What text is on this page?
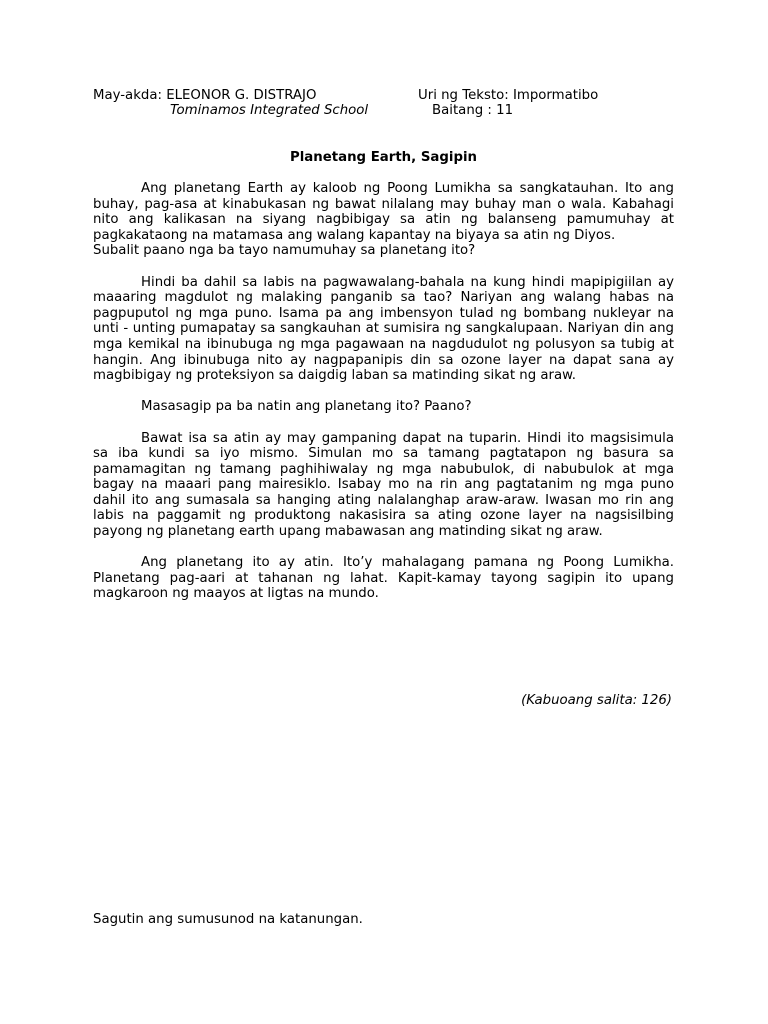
May-akda: ELEONOR G. DISTRAJO	Uri ng Teksto: Impormatibo
Tominamos Integrated School	Baitang : 11
Planetang Earth, Sagipin

Ang planetang Earth ay kaloob ng Poong Lumikha sa sangkatauhan. Ito ang buhay, pag-asa at kinabukasan ng bawat nilalang may buhay man o wala. Kabahagi nito ang kalikasan na siyang nagbibigay sa atin ng balanseng pamumuhay at pagkakataong na matamasa ang walang kapantay na biyaya sa atin ng Diyos.

Subalit paano nga ba tayo namumuhay sa planetang ito?

Hindi ba dahil sa labis na pagwawalang-bahala na kung hindi mapipigiilan ay maaaring magdulot ng malaking panganib sa tao? Nariyan ang walang habas na pagpuputol ng mga puno. Isama pa ang imbensyon tulad ng bombang nukleyar na unti - unting pumapatay sa sangkauhan at sumisira ng sangkalupaan. Nariyan din ang mga kemikal na ibinubuga ng mga pagawaan na nagdudulot ng polusyon sa tubig at hangin. Ang ibinubuga nito ay nagpapanipis din sa ozone layer na dapat sana ay magbibigay ng proteksiyon sa daigdig laban sa matinding sikat ng araw.

Masasagip pa ba natin ang planetang ito? Paano?

Bawat isa sa atin ay may gampaning dapat na tuparin. Hindi ito magsisimula sa iba kundi sa iyo mismo. Simulan mo sa tamang pagtatapon ng basura sa pamamagitan ng tamang paghihiwalay ng mga nabubulok, di nabubulok at mga bagay na maaari pang mairesiklo. Isabay mo na rin ang pagtatanim ng mga puno dahil ito ang sumasala sa hanging ating nalalanghap araw-araw. Iwasan mo rin ang labis na paggamit ng produktong nakasisira sa ating ozone layer na nagsisilbing payong ng planetang earth upang mabawasan ang matinding sikat ng araw.

Ang planetang ito ay atin. Ito’y mahalagang pamana ng Poong Lumikha. Planetang pag-aari at tahanan ng lahat. Kapit-kamay tayong sagipin ito upang magkaroon ng maayos at ligtas na mundo.

(Kabuoang salita: 126)
Sagutin ang sumusunod na katanungan.
